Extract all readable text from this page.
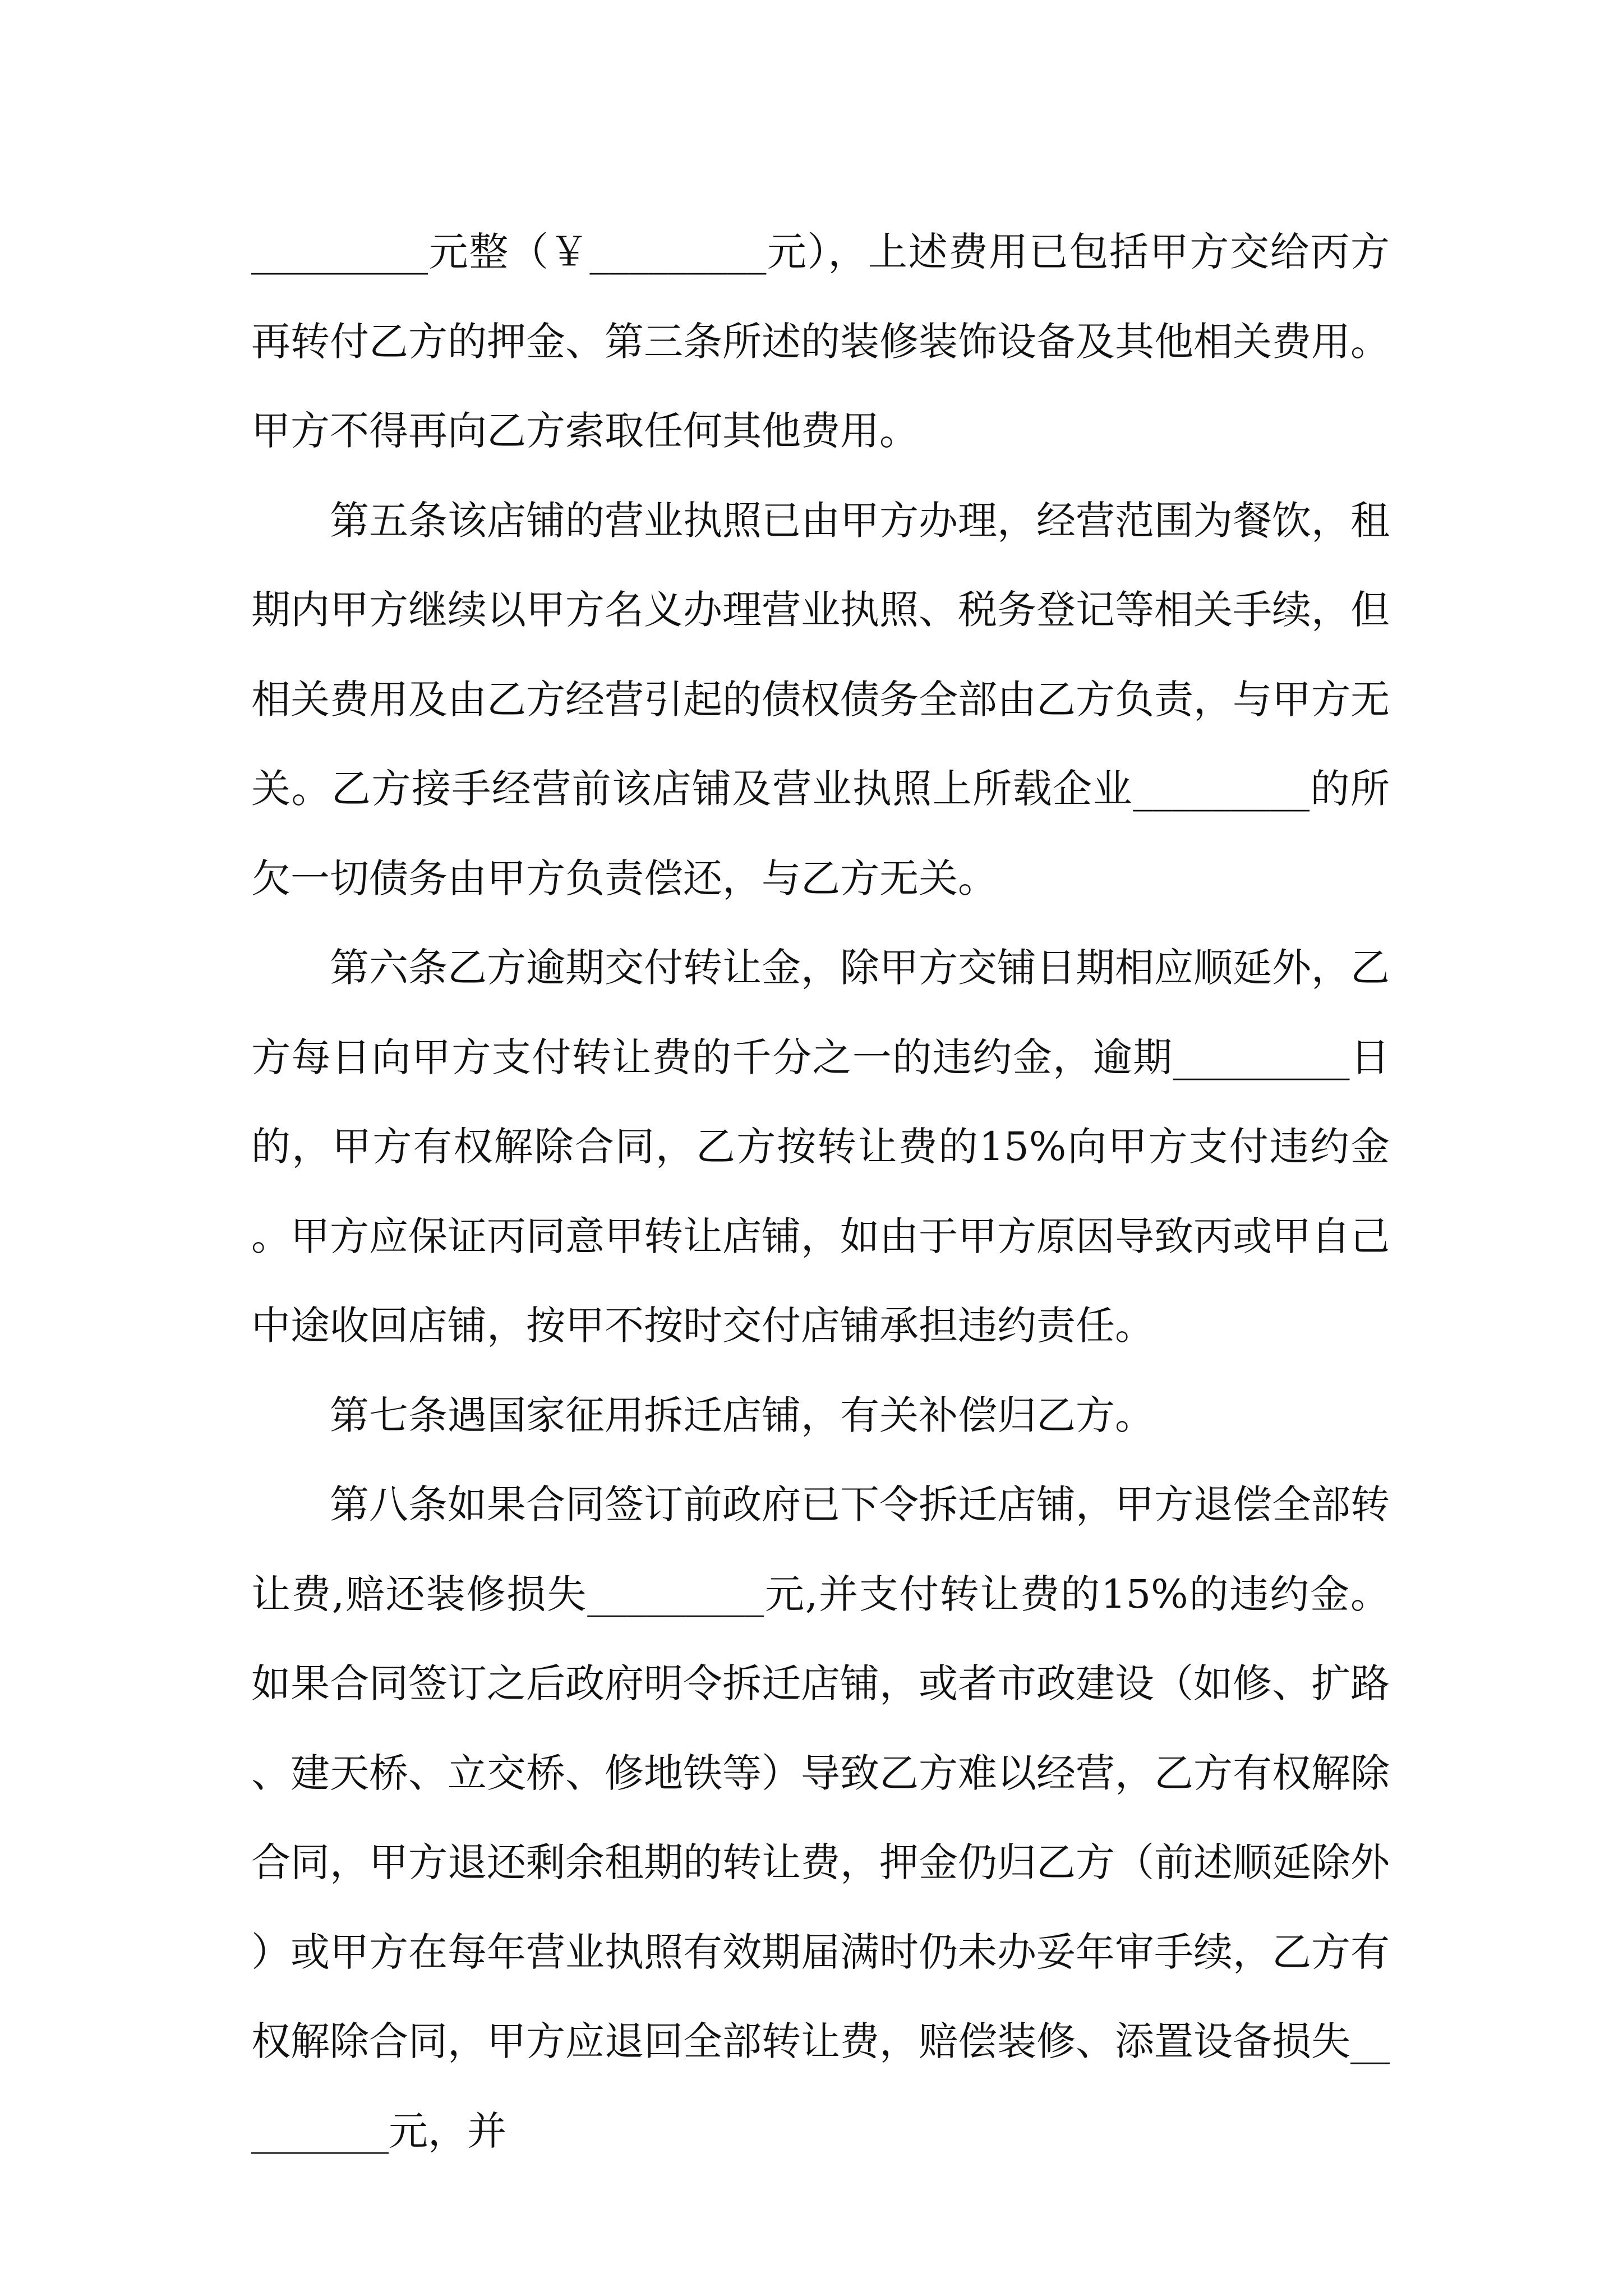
_________元整（￥_________元），上述费用已包括甲方交给丙方再转付乙方的押金、第三条所述的装修装饰设备及其他相关费用。甲方不得再向乙方索取任何其他费用。

第五条该店铺的营业执照已由甲方办理，经营范围为餐饮，租期内甲方继续以甲方名义办理营业执照、税务登记等相关手续，但相关费用及由乙方经营引起的债权债务全部由乙方负责，与甲方无关。乙方接手经营前该店铺及营业执照上所载企业_________的所欠一切债务由甲方负责偿还，与乙方无关。

第六条乙方逾期交付转让金，除甲方交铺日期相应顺延外，乙方每日向甲方支付转让费的千分之一的违约金，逾期_________日的，甲方有权解除合同，乙方按转让费的15%向甲方支付违约金。甲方应保证丙同意甲转让店铺，如由于甲方原因导致丙或甲自己中途收回店铺，按甲不按时交付店铺承担违约责任。

第七条遇国家征用拆迁店铺，有关补偿归乙方。

第八条如果合同签订前政府已下令拆迁店铺，甲方退偿全部转让费,赔还装修损失_________元,并支付转让费的15%的违约金。如果合同签订之后政府明令拆迁店铺，或者市政建设（如修、扩路、建天桥、立交桥、修地铁等）导致乙方难以经营，乙方有权解除合同，甲方退还剩余租期的转让费，押金仍归乙方（前述顺延除外）或甲方在每年营业执照有效期届满时仍未办妥年审手续，乙方有权解除合同，甲方应退回全部转让费，赔偿装修、添置设备损失_________元，并
